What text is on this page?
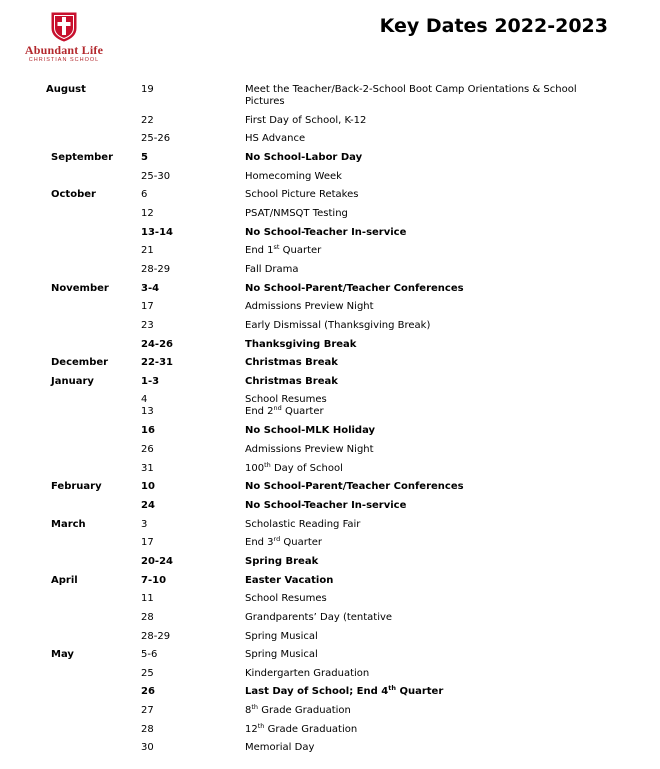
Abundant Life
CHRISTIAN SCHOOL
Key Dates 2022-2023
August	19	Meet the Teacher/Back-2-School Boot Camp Orientations & School Pictures
	22	First Day of School, K-12
	25-26	HS Advance

September	5	No School-Labor Day
	25-30	Homecoming Week

October	6	School Picture Retakes
	12	PSAT/NMSQT Testing
	13-14	No School-Teacher In-service
	21	End 1st Quarter
	28-29	Fall Drama

November	3-4	No School-Parent/Teacher Conferences
	17	Admissions Preview Night
	23	Early Dismissal (Thanksgiving Break)
	24-26	Thanksgiving Break

December	22-31	Christmas Break

January	1-3	Christmas Break
	4	School Resumes
	13	End 2nd Quarter
	16	No School-MLK Holiday
	26	Admissions Preview Night
	31	100th Day of School

February	10	No School-Parent/Teacher Conferences
	24	No School-Teacher In-service

March	3	Scholastic Reading Fair
	17	End 3rd Quarter
	20-24	Spring Break

April	7-10	Easter Vacation
	11	School Resumes
	28	Grandparents’ Day (tentative
	28-29	Spring Musical

May	5-6	Spring Musical
	25	Kindergarten Graduation
	26	Last Day of School; End 4th Quarter
	27	8th Grade Graduation
	28	12th Grade Graduation
	30	Memorial Day
